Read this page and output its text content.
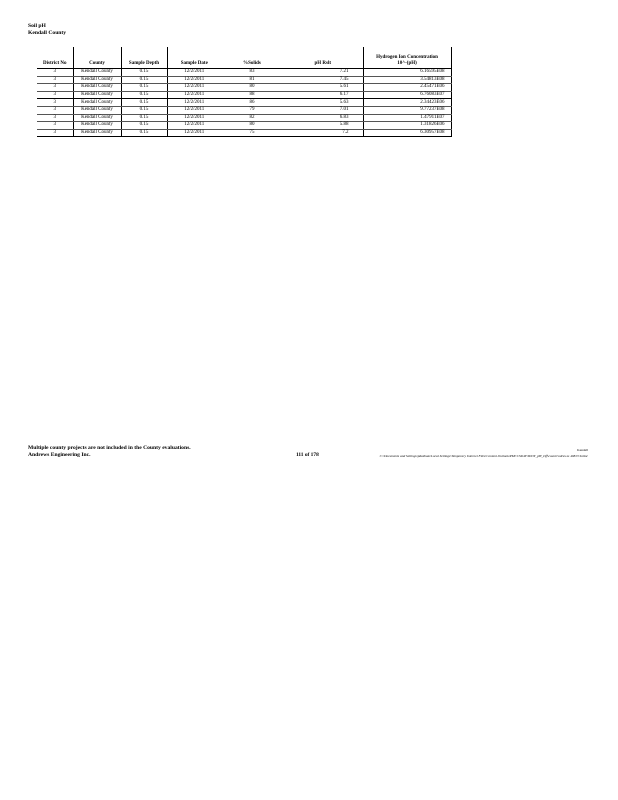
Soil pH
Kendall County
District No	County	Sample Depth	Sample Date	%Solids	pH Rslt	Hydrogen Ion Concentration
10^-(pH)
3	Kendall County	0.15	12/2/2011	83	7.21	6.16595E08
3	Kendall County	0.15	12/2/2011	81	7.45	3.54813E08
3	Kendall County	0.15	12/2/2011	80	5.61	2.45471E06
3	Kendall County	0.15	12/2/2011	88	6.17	6.76083E07
3	Kendall County	0.15	12/2/2011	86	5.63	2.34423E06
3	Kendall County	0.15	12/2/2011	79	7.01	9.77237E08
3	Kendall County	0.15	12/2/2011	82	6.83	1.47911E07
3	Kendall County	0.15	12/2/2011	80	5.88	1.31826E06
3	Kendall County	0.15	12/2/2011	75	7.2	6.30957E08
Multiple county projects are not included in the County evaluations.
Andrews Engineering Inc.	111 of 178
Kendall
C:\Documents and Settings\pdedman\Local Settings\Temporary Internet Files\Content.Outlook\PMCCSD4Y\IDOT_pH_Dff\countr\ndres.xs 40813 Soiloc
